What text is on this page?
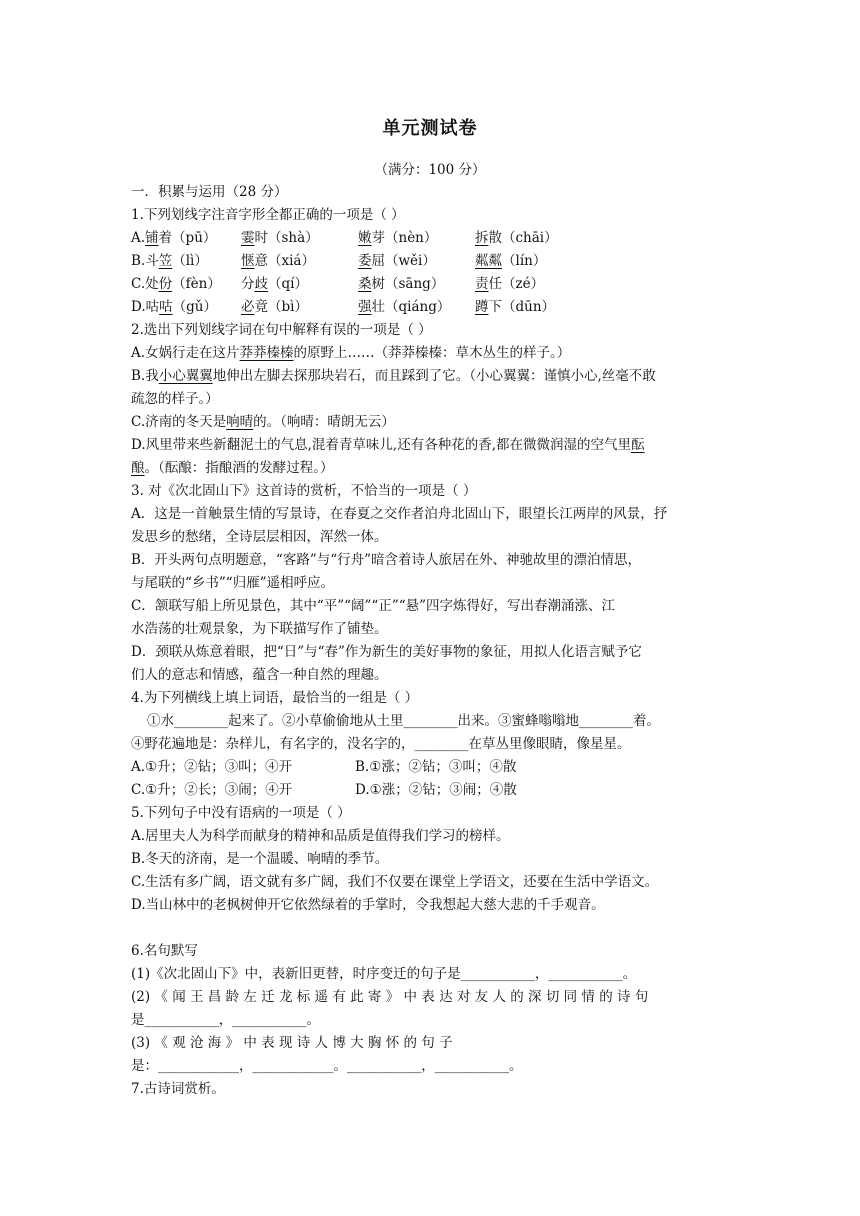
单元测试卷
（满分：100 分）
一．积累与运用（28 分）
1.下列划线字注音字形全都正确的一项是（ ）
A.铺着（pū） 霎时（shà）	嫩芽（nèn）	拆散（chāi）
B.斗笠（lì） 惬意（xiá）	委屈（wěi）	粼粼（lín）
C.处份（fèn） 分歧（qí）	桑树（sāng） 责任（zé）
D.咕咕（gǔ） 必竟（bì）	强壮（qiáng） 蹲下（dūn）
2.选出下列划线字词在句中解释有误的一项是（ ）
A.女娲行走在这片莽莽榛榛的原野上……（莽莽榛榛：草木丛生的样子。）
B.我小心翼翼地伸出左脚去探那块岩石，而且踩到了它。（小心翼翼：谨慎小心,丝毫不敢
疏忽的样子。）
C.济南的冬天是响晴的。（响晴：晴朗无云）
D.风里带来些新翻泥土的气息,混着青草味儿,还有各种花的香,都在微微润湿的空气里酝
酿。（酝酿：指酿酒的发酵过程。）
3. 对《次北固山下》这首诗的赏析，不恰当的一项是（ ）
A．这是一首触景生情的写景诗，在春夏之交作者泊舟北固山下，眼望长江两岸的风景，抒
发思乡的愁绪，全诗层层相因，浑然一体。
B．开头两句点明题意，“客路”与“行舟”暗含着诗人旅居在外、神驰故里的漂泊情思，
与尾联的“乡书”“归雁”遥相呼应。
C．颔联写船上所见景色，其中“平”“阔”“正”“悬”四字炼得好，写出春潮涌涨、江
水浩荡的壮观景象，为下联描写作了铺垫。
D．颈联从炼意着眼，把“日”与“春”作为新生的美好事物的象征，用拟人化语言赋予它
们人的意志和情感，蕴含一种自然的理趣。
4.为下列横线上填上词语，最恰当的一组是（ ）
①水________起来了。②小草偷偷地从土里________出来。③蜜蜂嗡嗡地________着。
④野花遍地是：杂样儿，有名字的，没名字的，________在草丛里像眼睛，像星星。
A.①升；②钻；③叫；④开	B.①涨；②钻；③叫；④散
C.①升；②长；③闹；④开	D.①涨；②钻；③闹；④散
5.下列句子中没有语病的一项是（ ）
A.居里夫人为科学而献身的精神和品质是值得我们学习的榜样。
B.冬天的济南，是一个温暖、响晴的季节。
C.生活有多广阔，语文就有多广阔，我们不仅要在课堂上学语文，还要在生活中学语文。
D.当山林中的老枫树伸开它依然绿着的手掌时，令我想起大慈大悲的千手观音。
6.名句默写
(1)《次北固山下》中，表新旧更替，时序变迁的句子是___________，___________。
(2) 《 闻 王 昌 龄 左 迁 龙 标 遥 有 此 寄 》 中 表 达 对 友 人 的 深 切 同 情 的 诗 句
是___________，___________。
(3) 《 观 沧 海 》 中 表 现 诗 人 博 大 胸 怀 的 句 子
是：____________，____________。___________，___________。
7.古诗词赏析。
